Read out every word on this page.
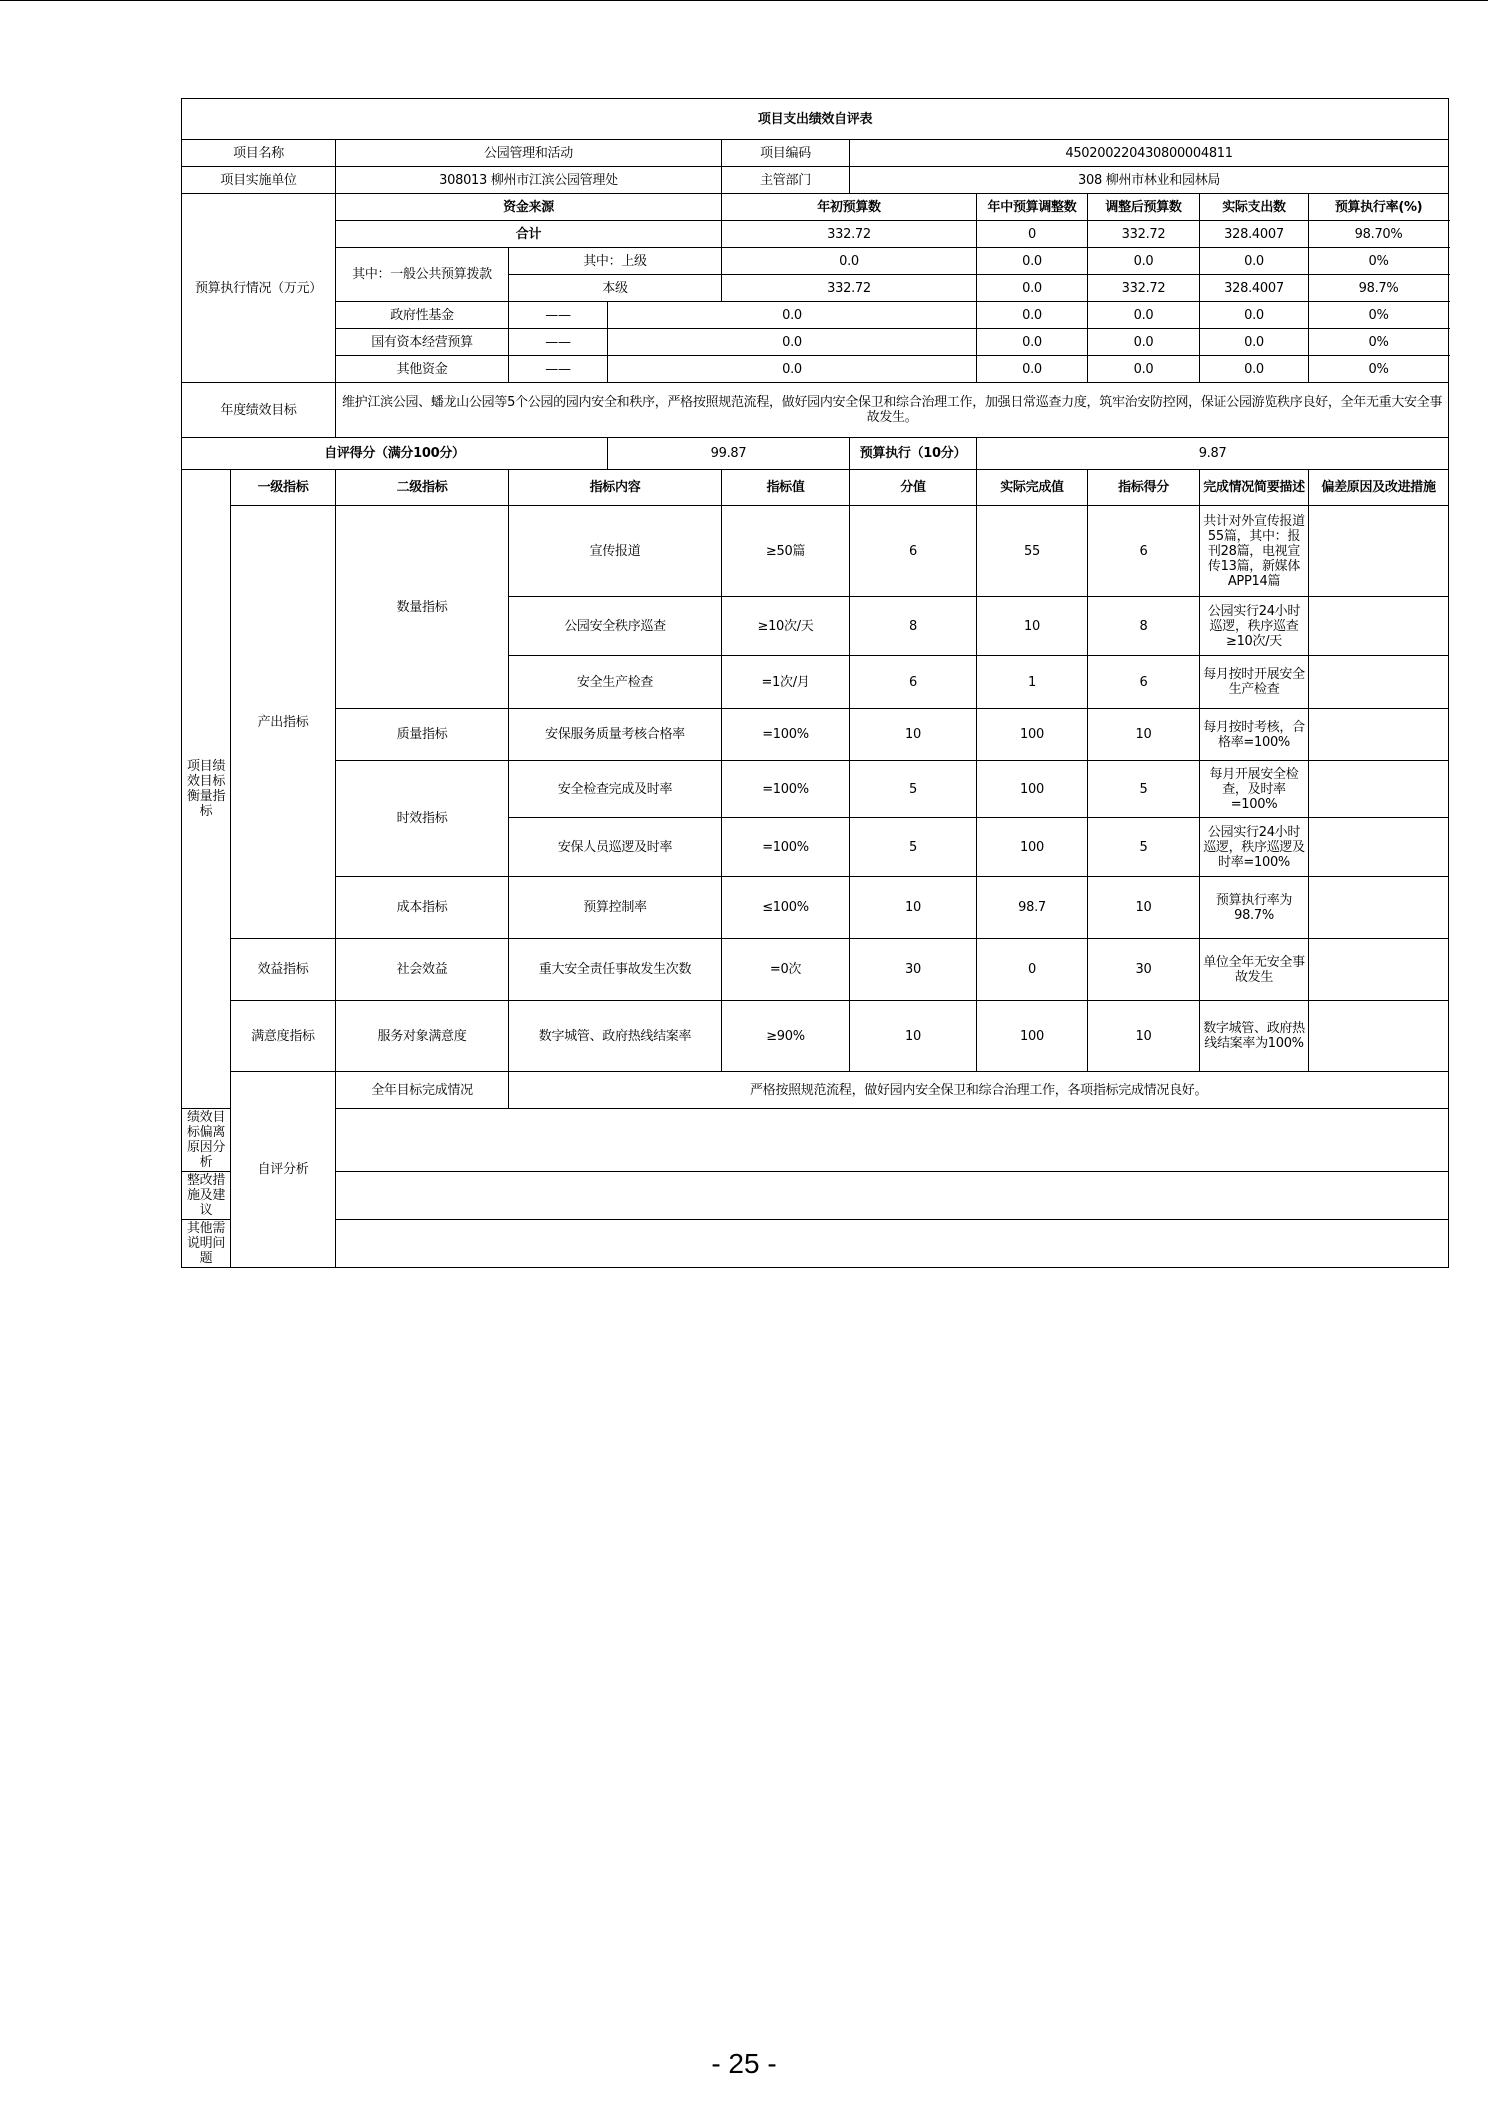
项目支出绩效自评表										
项目名称		公园管理和活动			项目编码	450200220430800004811				
项目实施单位		308013 柳州市江滨公园管理处			主管部门	308 柳州市林业和园林局				
预算执行情况（万元）		资金来源			年初预算数		年中预算调整数	调整后预算数	实际支出数	预算执行率(%)
		合计			332.72		0	332.72	328.4007	98.70%
		其中：一般公共预算拨款	其中：上级		0.0		0.0	0.0	0.0	0%
			本级		332.72		0.0	332.72	328.4007	98.7%
		政府性基金	——	0.0			0.0	0.0	0.0	0%
		国有资本经营预算	——	0.0			0.0	0.0	0.0	0%
		其他资金	——	0.0			0.0	0.0	0.0	0%
年度绩效目标		维护江滨公园、蟠龙山公园等5个公园的园内安全和秩序，严格按照规范流程，做好园内安全保卫和综合治理工作，加强日常巡查力度，筑牢治安防控网，保证公园游览秩序良好，全年无重大安全事故发生。								
自评得分（满分100分）				99.87		预算执行（10分）	9.87			
项目绩效目标衡量指标	一级指标	二级指标	指标内容		指标值	分值	实际完成值	指标得分	完成情况简要描述	偏差原因及改进措施
	产出指标	数量指标	宣传报道		≥50篇	6	55	6	共计对外宣传报道55篇，其中：报刊28篇，电视宣传13篇，新媒体APP14篇	
			公园安全秩序巡查		≥10次/天	8	10	8	公园实行24小时巡逻，秩序巡查≥10次/天	
			安全生产检查		=1次/月	6	1	6	每月按时开展安全生产检查	
		质量指标	安保服务质量考核合格率		=100%	10	100	10	每月按时考核，合格率=100%	
		时效指标	安全检查完成及时率		=100%	5	100	5	每月开展安全检查，及时率=100%	
			安保人员巡逻及时率		=100%	5	100	5	公园实行24小时巡逻，秩序巡逻及时率=100%	
		成本指标	预算控制率		≤100%	10	98.7	10	预算执行率为98.7%	
	效益指标	社会效益	重大安全责任事故发生次数		=0次	30	0	30	单位全年无安全事故发生	
	满意度指标	服务对象满意度	数字城管、政府热线结案率		≥90%	10	100	10	数字城管、政府热线结案率为100%	
	自评分析	全年目标完成情况	严格按照规范流程，做好园内安全保卫和综合治理工作，各项指标完成情况良好。							
绩效目标偏离原因分析										
整改措施及建议										
其他需说明问题										
- 25 -
